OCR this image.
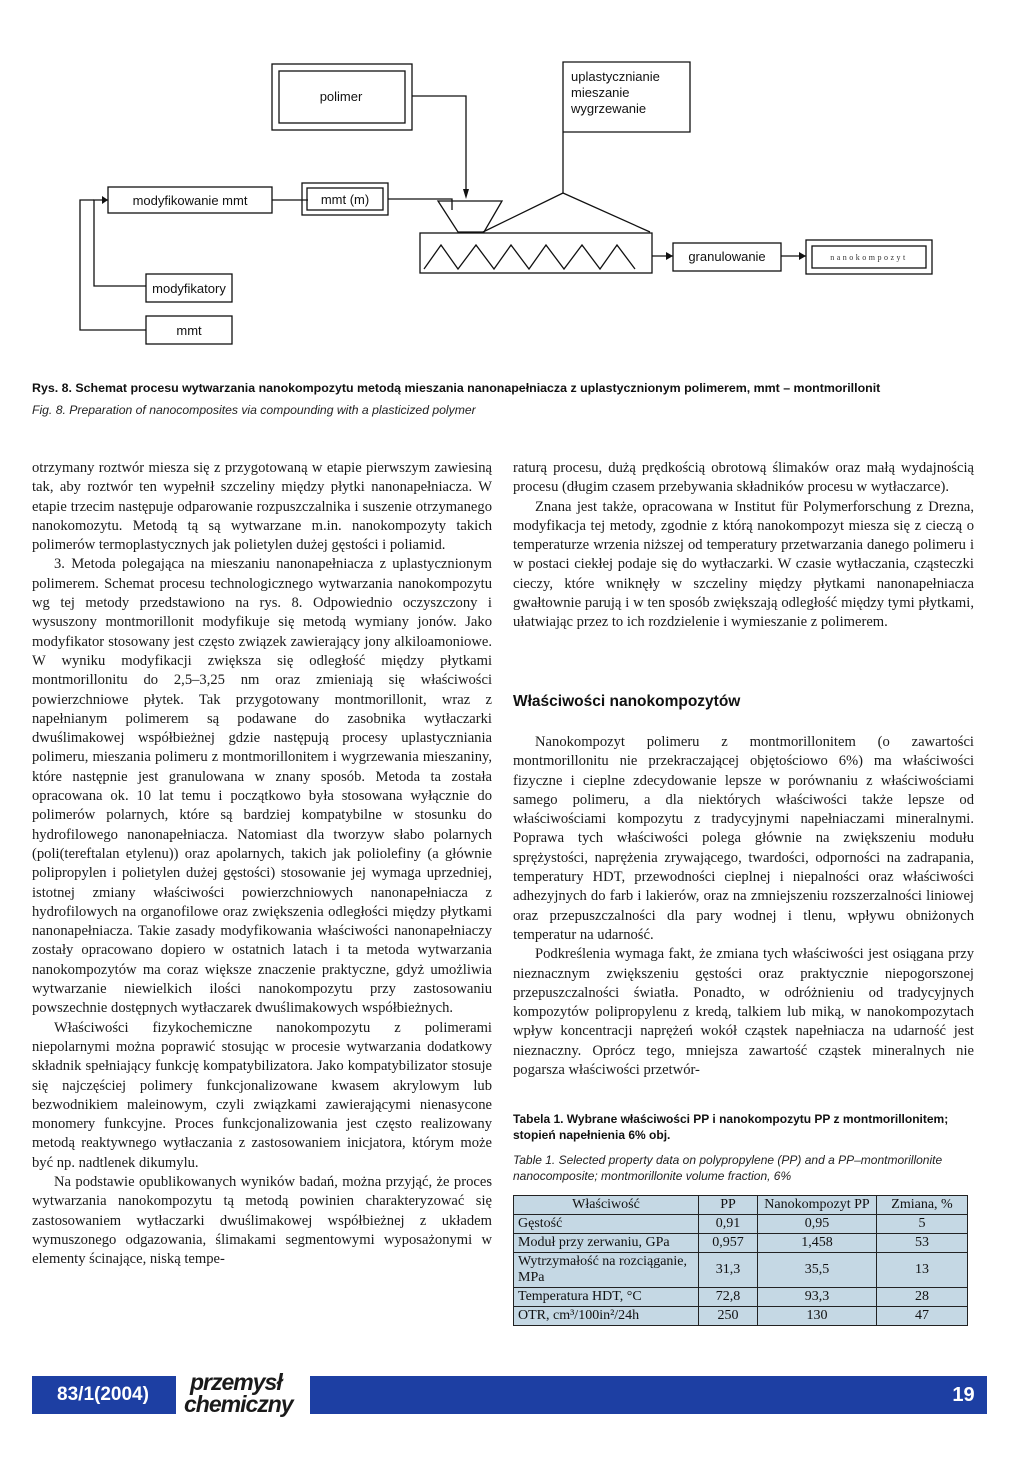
polimer
uplastycznianie
mieszanie
wygrzewanie
modyfikowanie mmt	mmt (m)
granulowanie	nanokompozyt
modyfikatory
mmt
Rys. 8. Schemat procesu wytwarzania nanokompozytu metodą mieszania nanonapełniacza z uplastycznionym polimerem, mmt – montmorillonit
Fig. 8. Preparation of nanocomposites via compounding with a plasticized polymer

otrzymany roztwór miesza się z przygotowaną w etapie pierwszym zawiesiną tak, aby roztwór ten wypełnił szczeliny między płytki nanonapełniacza. W etapie trzecim następuje odparowanie rozpuszczalnika i suszenie otrzymanego nanokomozytu. Metodą tą są wytwarzane m.in. nanokompozyty takich polimerów termoplastycznych jak polietylen dużej gęstości i poliamid.

3. Metoda polegająca na mieszaniu nanonapełniacza z uplastycznionym polimerem. Schemat procesu technologicznego wytwarzania nanokompozytu wg tej metody przedstawiono na rys. 8. Odpowiednio oczyszczony i wysuszony montmorillonit modyfikuje się metodą wymiany jonów. Jako modyfikator stosowany jest często związek zawierający jony alkiloamoniowe. W wyniku modyfikacji zwiększa się odległość między płytkami montmorillonitu do 2,5–3,25 nm oraz zmieniają się właściwości powierzchniowe płytek. Tak przygotowany montmorillonit, wraz z napełnianym polimerem są podawane do zasobnika wytłaczarki dwuślimakowej współbieżnej gdzie następują procesy uplastyczniania polimeru, mieszania polimeru z montmorillonitem i wygrzewania mieszaniny, które następnie jest granulowana w znany sposób. Metoda ta została opracowana ok. 10 lat temu i początkowo była stosowana wyłącznie do polimerów polarnych, które są bardziej kompatybilne w stosunku do hydrofilowego nanonapełniacza. Natomiast dla tworzyw słabo polarnych (poli(tereftalan etylenu)) oraz apolarnych, takich jak poliolefiny (a głównie polipropylen i polietylen dużej gęstości) stosowanie jej wymaga uprzedniej, istotnej zmiany właściwości powierzchniowych nanonapełniacza z hydrofilowych na organofilowe oraz zwiększenia odległości między płytkami nanonapełniacza. Takie zasady modyfikowania właściwości nanonapełniaczy zostały opracowano dopiero w ostatnich latach i ta metoda wytwarzania nanokompozytów ma coraz większe znaczenie praktyczne, gdyż umożliwia wytwarzanie niewielkich ilości nanokompozytu przy zastosowaniu powszechnie dostępnych wytłaczarek dwuślimakowych współbieżnych.

Właściwości fizykochemiczne nanokompozytu z polimerami niepolarnymi można poprawić stosując w procesie wytwarzania dodatkowy składnik spełniający funkcję kompatybilizatora. Jako kompatybilizator stosuje się najczęściej polimery funkcjonalizowane kwasem akrylowym lub bezwodnikiem maleinowym, czyli związkami zawierającymi nienasycone monomery funkcyjne. Proces funkcjonalizowania jest często realizowany metodą reaktywnego wytłaczania z zastosowaniem inicjatora, którym może być np. nadtlenek dikumylu.

Na podstawie opublikowanych wyników badań, można przyjąć, że proces wytwarzania nanokompozytu tą metodą powinien charakteryzować się zastosowaniem wytłaczarki dwuślimakowej współbieżnej z układem wymuszonego odgazowania, ślimakami segmentowymi wyposażonymi w elementy ścinające, niską tempe-

raturą procesu, dużą prędkością obrotową ślimaków oraz małą wydajnością procesu (długim czasem przebywania składników procesu w wytłaczarce).

Znana jest także, opracowana w Institut für Polymerforschung z Drezna, modyfikacja tej metody, zgodnie z którą nanokompozyt miesza się z cieczą o temperaturze wrzenia niższej od temperatury przetwarzania danego polimeru i w postaci ciekłej podaje się do wytłaczarki. W czasie wytłaczania, cząsteczki cieczy, które wniknęły w szczeliny między płytkami nanonapełniacza gwałtownie parują i w ten sposób zwiększają odległość między tymi płytkami, ułatwiając przez to ich rozdzielenie i wymieszanie z polimerem.

Właściwości nanokompozytów

Nanokompozyt polimeru z montmorillonitem (o zawartości montmorillonitu nie przekraczającej objętościowo 6%) ma właściwości fizyczne i cieplne zdecydowanie lepsze w porównaniu z właściwościami samego polimeru, a dla niektórych właściwości także lepsze od właściwościami kompozytu z tradycyjnymi napełniaczami mineralnymi. Poprawa tych właściwości polega głównie na zwiększeniu modułu sprężystości, naprężenia zrywającego, twardości, odporności na zadrapania, temperatury HDT, przewodności cieplnej i niepalności oraz właściwości adhezyjnych do farb i lakierów, oraz na zmniejszeniu rozszerzalności liniowej oraz przepuszczalności dla pary wodnej i tlenu, wpływu obniżonych temperatur na udarność.

Podkreślenia wymaga fakt, że zmiana tych właściwości jest osiągana przy nieznacznym zwiększeniu gęstości oraz praktycznie niepogorszonej przepuszczalności światła. Ponadto, w odróżnieniu od tradycyjnych kompozytów polipropylenu z kredą, talkiem lub miką, w nanokompozytach wpływ koncentracji naprężeń wokół cząstek napełniacza na udarność jest nieznaczny. Oprócz tego, mniejsza zawartość cząstek mineralnych nie pogarsza właściwości przetwór-

Tabela 1. Wybrane właściwości PP i nanokompozytu PP z montmorillonitem; stopień napełnienia 6% obj.
Table 1. Selected property data on polypropylene (PP) and a PP–montmorillonite nanocomposite; montmorillonite volume fraction, 6%
Właściwość	PP	Nanokompozyt PP	Zmiana, %
Gęstość	0,91	0,95	5
Moduł przy zerwaniu, GPa	0,957	1,458	53
Wytrzymałość na rozciąganie, MPa	31,3	35,5	13
Temperatura HDT, °C	72,8	93,3	28
OTR, cm³/100in²/24h	250	130	47
83/1(2004)	przemysł
chemiczny	19
